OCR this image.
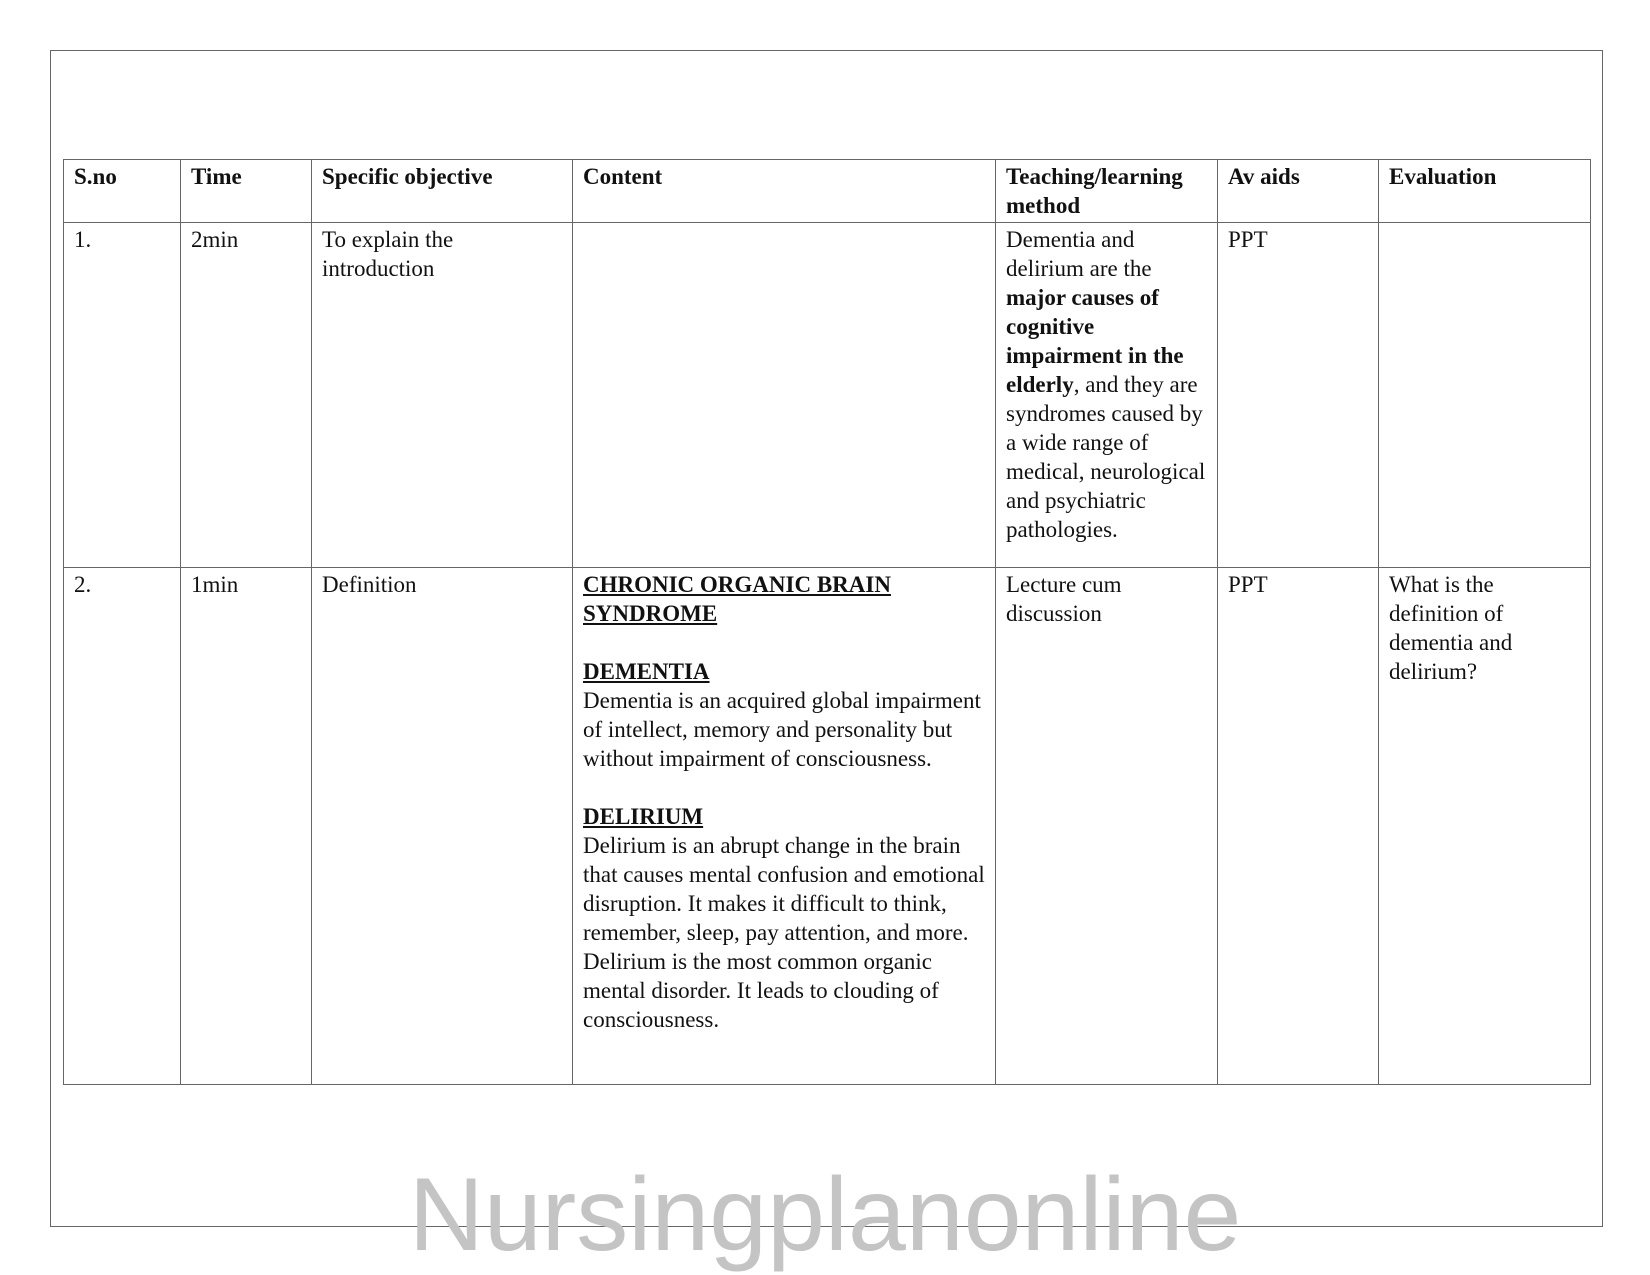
S.no	Time	Specific objective	Content	Teaching/learning method	Av aids	Evaluation
1.	2min	To explain the introduction		Dementia and delirium are the major causes of cognitive impairment in the elderly, and they are syndromes caused by a wide range of medical, neurological and psychiatric pathologies.	PPT	
2.	1min	Definition	CHRONIC ORGANIC BRAIN SYNDROME
DEMENTIA
Dementia is an acquired global impairment of intellect, memory and personality but without impairment of consciousness.
DELIRIUM
Delirium is an abrupt change in the brain that causes mental confusion and emotional disruption. It makes it difficult to think, remember, sleep, pay attention, and more. Delirium is the most common organic mental disorder. It leads to clouding of consciousness.	Lecture cum discussion	PPT	What is the definition of dementia and delirium?
Nursingplanonline
